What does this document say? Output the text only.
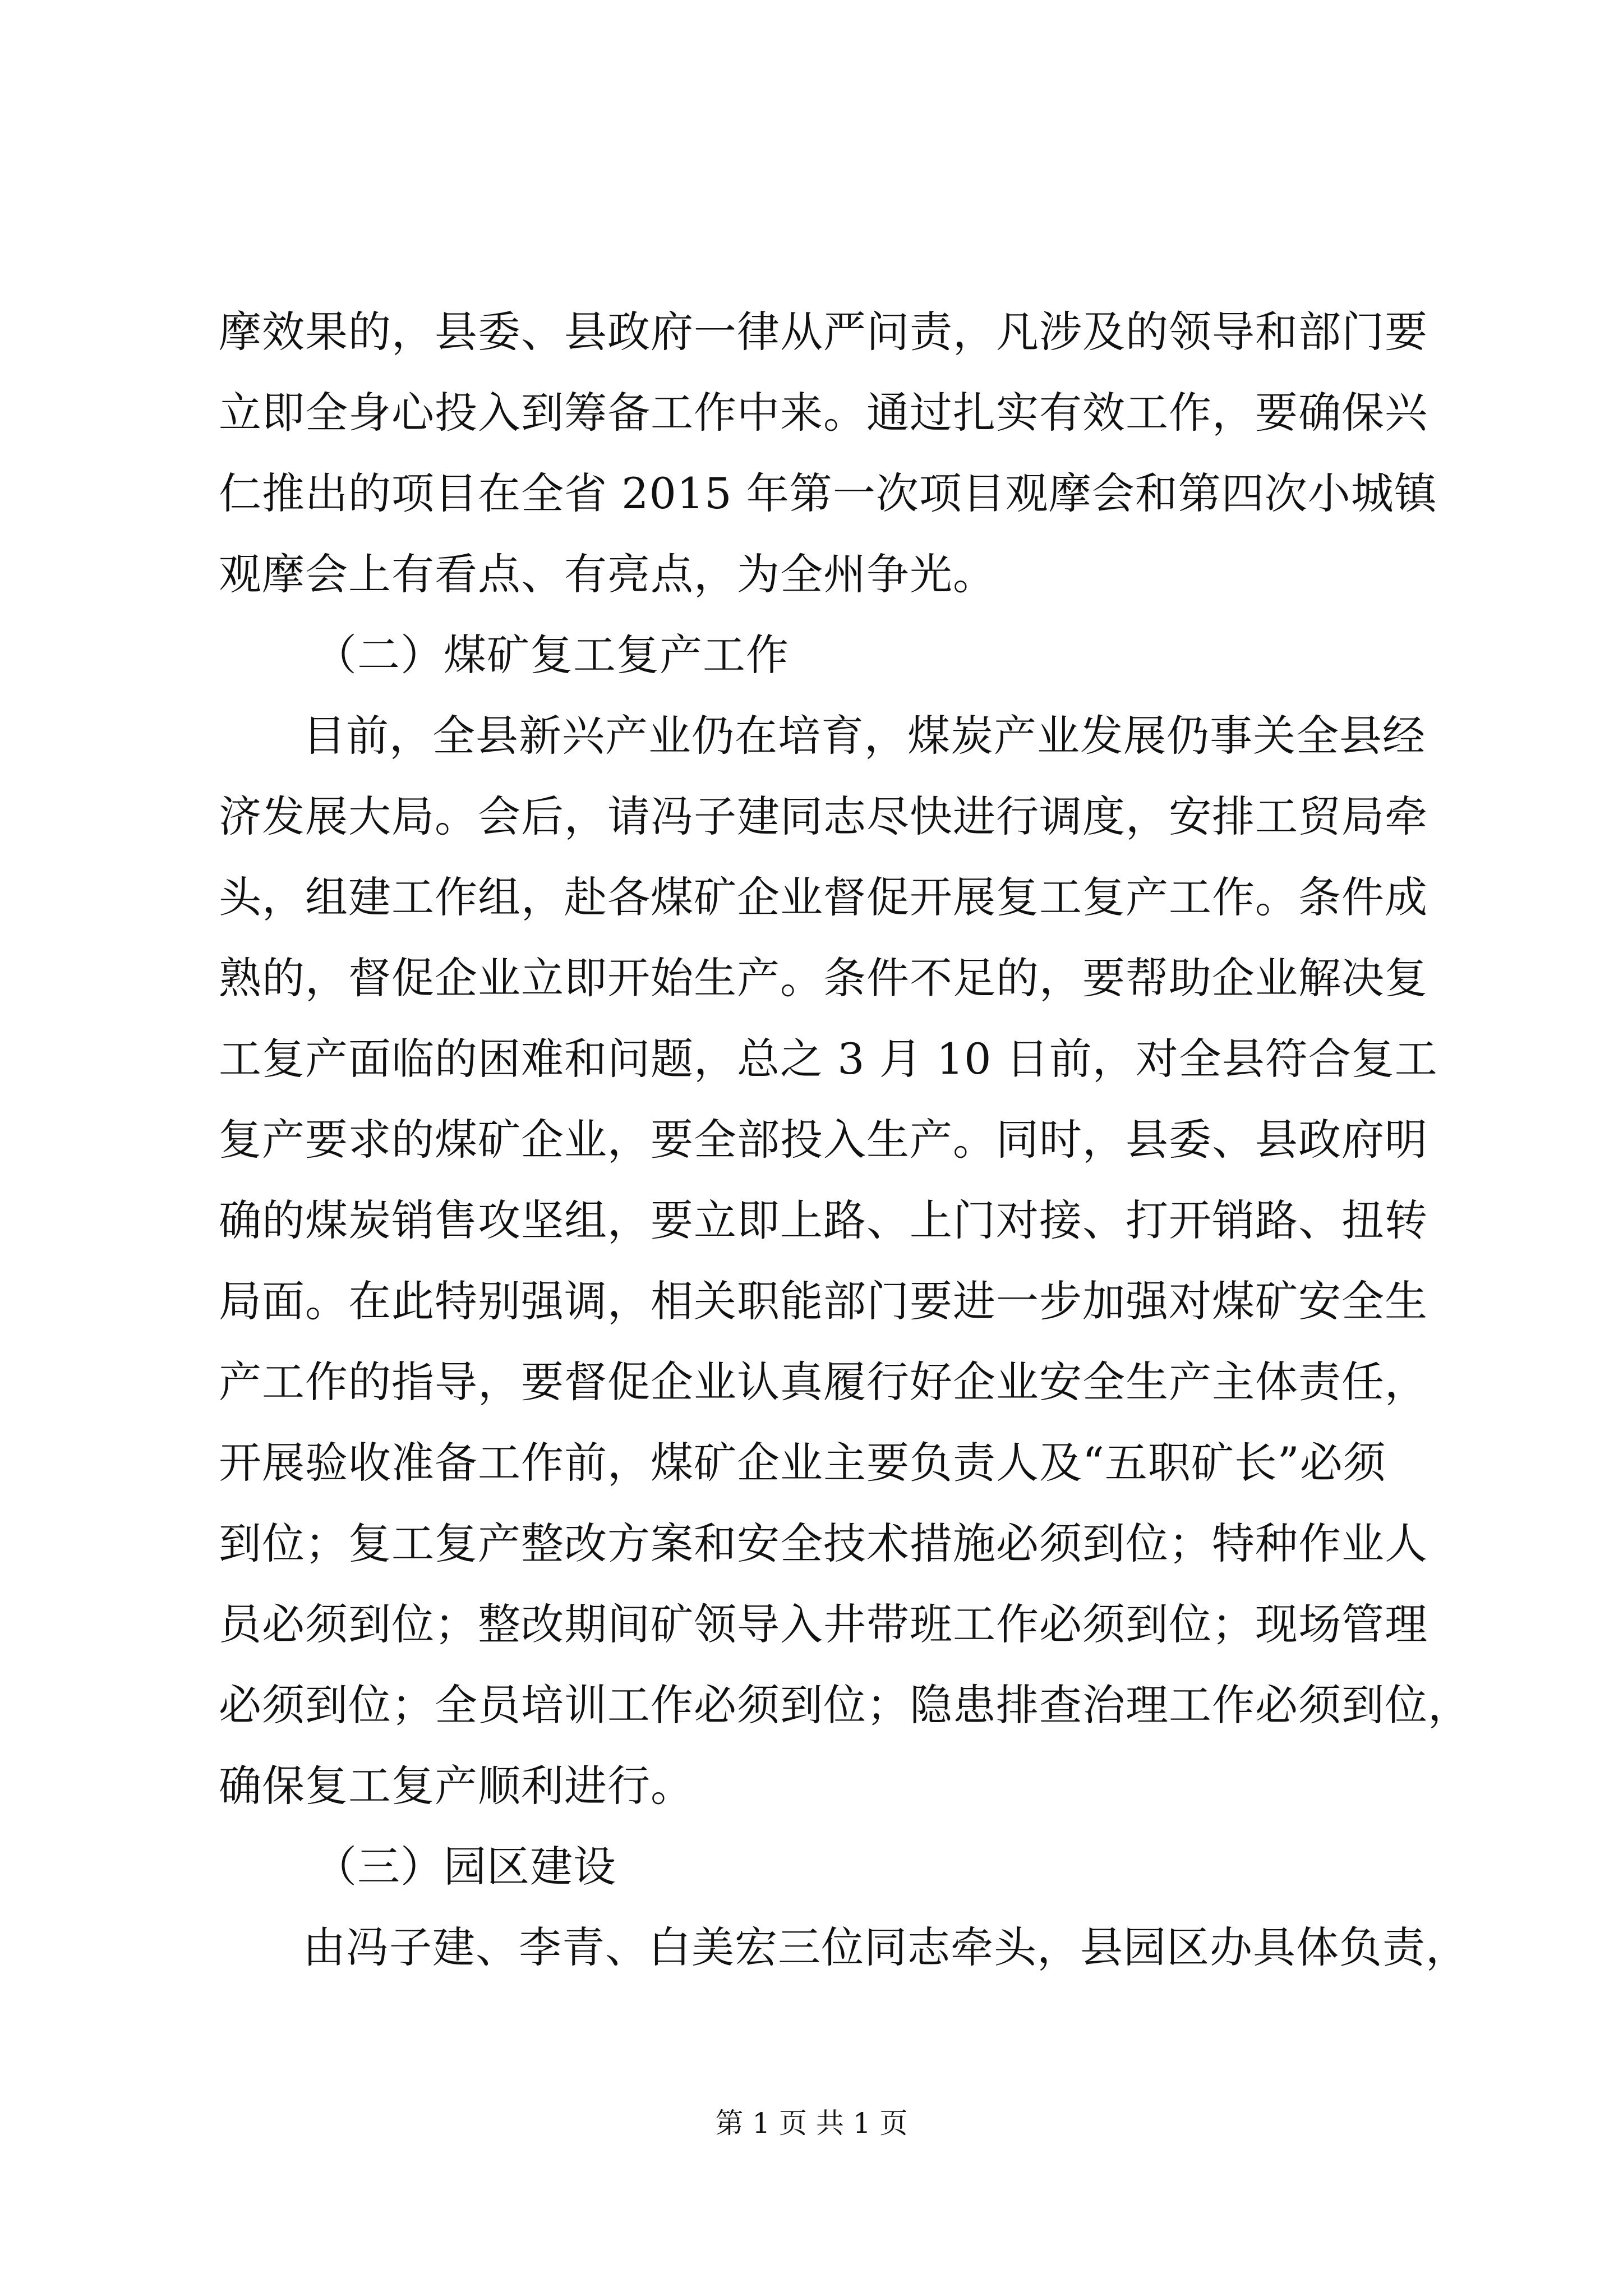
摩效果的，县委、县政府一律从严问责，凡涉及的领导和部门要
立即全身心投入到筹备工作中来。通过扎实有效工作，要确保兴
仁推出的项目在全省 2015 年第一次项目观摩会和第四次小城镇
观摩会上有看点、有亮点，为全州争光。
（二）煤矿复工复产工作
目前，全县新兴产业仍在培育，煤炭产业发展仍事关全县经
济发展大局。会后，请冯子建同志尽快进行调度，安排工贸局牵
头，组建工作组，赴各煤矿企业督促开展复工复产工作。条件成
熟的，督促企业立即开始生产。条件不足的，要帮助企业解决复
工复产面临的困难和问题，总之 3 月 10 日前，对全县符合复工
复产要求的煤矿企业，要全部投入生产。同时，县委、县政府明
确的煤炭销售攻坚组，要立即上路、上门对接、打开销路、扭转
局面。在此特别强调，相关职能部门要进一步加强对煤矿安全生
产工作的指导，要督促企业认真履行好企业安全生产主体责任，
开展验收准备工作前，煤矿企业主要负责人及“五职矿长”必须
到位；复工复产整改方案和安全技术措施必须到位；特种作业人
员必须到位；整改期间矿领导入井带班工作必须到位；现场管理
必须到位；全员培训工作必须到位；隐患排查治理工作必须到位，
确保复工复产顺利进行。
（三）园区建设
由冯子建、李青、白美宏三位同志牵头，县园区办具体负责，
第 1 页 共 1 页
